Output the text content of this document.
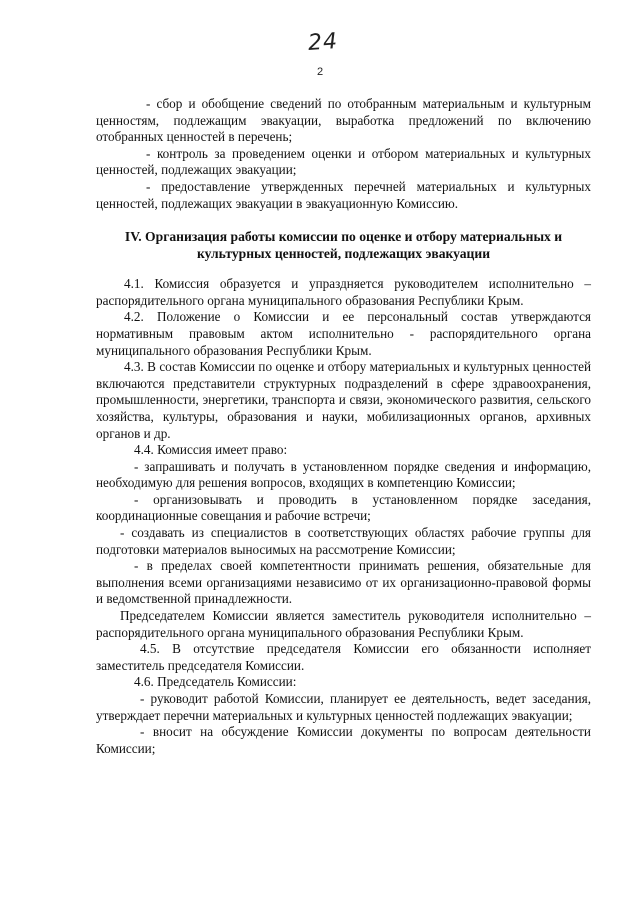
24
2

- сбор и обобщение сведений по отобранным материальным и культурным ценностям, подлежащим эвакуации, выработка предложений по включению отобранных ценностей в перечень;

- контроль за проведением оценки и отбором материальных и культурных ценностей, подлежащих эвакуации;

- предоставление утвержденных перечней материальных и культурных ценностей, подлежащих эвакуации в эвакуационную Комиссию.

IV. Организация работы комиссии по оценке и отбору материальных и культурных ценностей, подлежащих эвакуации

4.1. Комиссия образуется и упраздняется руководителем исполнительно – распорядительного органа муниципального образования Республики Крым.

4.2. Положение о Комиссии и ее персональный состав утверждаются нормативным правовым актом исполнительно - распорядительного органа муниципального образования Республики Крым.

4.3. В состав Комиссии по оценке и отбору материальных и культурных ценностей включаются представители структурных подразделений в сфере здравоохранения, промышленности, энергетики, транспорта и связи, экономического развития, сельского хозяйства, культуры, образования и науки, мобилизационных органов, архивных органов и др.

4.4. Комиссия имеет право:

- запрашивать и получать в установленном порядке сведения и информацию, необходимую для решения вопросов, входящих в компетенцию Комиссии;

- организовывать и проводить в установленном порядке заседания, координационные совещания и рабочие встречи;

- создавать из специалистов в соответствующих областях рабочие группы для подготовки материалов выносимых на рассмотрение Комиссии;

- в пределах своей компетентности принимать решения, обязательные для выполнения всеми организациями независимо от их организационно-правовой формы и ведомственной принадлежности.

Председателем Комиссии является заместитель руководителя исполнительно – распорядительного органа муниципального образования Республики Крым.

4.5. В отсутствие председателя Комиссии его обязанности исполняет заместитель председателя Комиссии.

4.6. Председатель Комиссии:

- руководит работой Комиссии, планирует ее деятельность, ведет заседания, утверждает перечни материальных и культурных ценностей подлежащих эвакуации;

- вносит на обсуждение Комиссии документы по вопросам деятельности Комиссии;
